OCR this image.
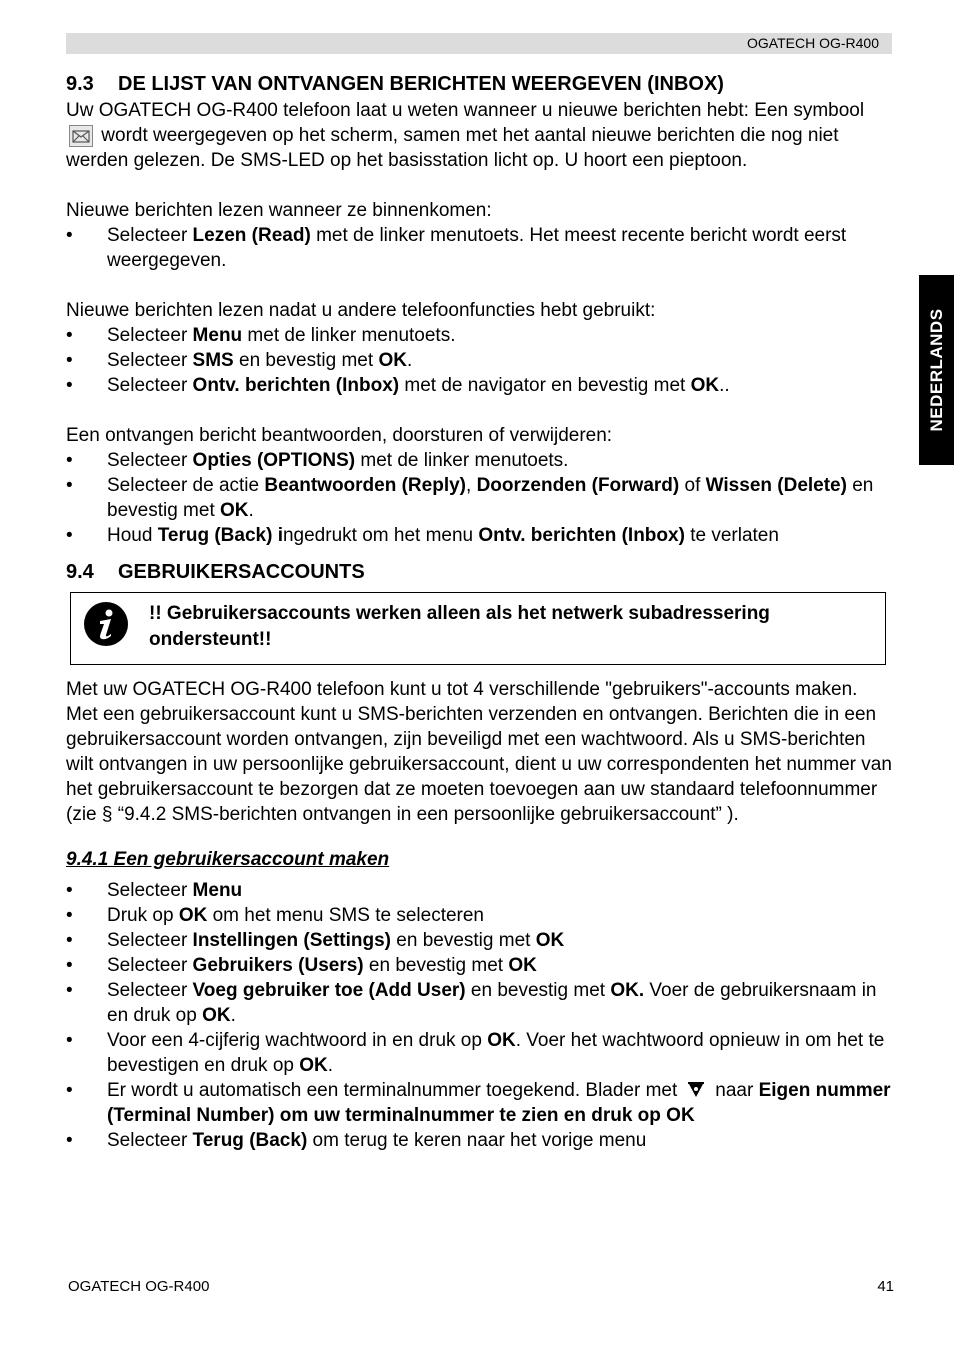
OGATECH OG-R400
NEDERLANDS
9.3 DE LIJST VAN ONTVANGEN BERICHTEN WEERGEVEN (INBOX)

Uw OGATECH OG-R400 telefoon laat u weten wanneer u nieuwe berichten hebt: Een symbool  wordt weergegeven op het scherm, samen met het aantal nieuwe berichten die nog niet werden gelezen. De SMS-LED op het basisstation licht op. U hoort een pieptoon.

Nieuwe berichten lezen wanneer ze binnenkomen:

• Selecteer Lezen (Read) met de linker menutoets. Het meest recente bericht wordt eerst weergegeven.

Nieuwe berichten lezen nadat u andere telefoonfuncties hebt gebruikt:

• Selecteer Menu met de linker menutoets.
• Selecteer SMS en bevestig met OK.
• Selecteer Ontv. berichten (Inbox) met de navigator en bevestig met OK..

Een ontvangen bericht beantwoorden, doorsturen of verwijderen:

• Selecteer Opties (OPTIONS) met de linker menutoets.
• Selecteer de actie Beantwoorden (Reply), Doorzenden (Forward) of Wissen (Delete) en bevestig met OK.
• Houd Terug (Back) ingedrukt om het menu Ontv. berichten (Inbox) te verlaten
9.4 GEBRUIKERSACCOUNTS
!! Gebruikersaccounts werken alleen als het netwerk subadressering ondersteunt!!

Met uw OGATECH OG-R400 telefoon kunt u tot 4 verschillende "gebruikers"-accounts maken. Met een gebruikersaccount kunt u SMS-berichten verzenden en ontvangen. Berichten die in een gebruikersaccount worden ontvangen, zijn beveiligd met een wachtwoord. Als u SMS-berichten wilt ontvangen in uw persoonlijke gebruikersaccount, dient u uw correspondenten het nummer van het gebruikersaccount te bezorgen dat ze moeten toevoegen aan uw standaard telefoonnummer (zie § “9.4.2 SMS-berichten ontvangen in een persoonlijke gebruikersaccount” ).

9.4.1 Een gebruikersaccount maken
• Selecteer Menu
• Druk op OK om het menu SMS te selecteren
• Selecteer Instellingen (Settings) en bevestig met OK
• Selecteer Gebruikers (Users) en bevestig met OK
• Selecteer Voeg gebruiker toe (Add User) en bevestig met OK. Voer de gebruikersnaam in en druk op OK.
• Voor een 4-cijferig wachtwoord in en druk op OK. Voer het wachtwoord opnieuw in om het te bevestigen en druk op OK.
• Er wordt u automatisch een terminalnummer toegekend. Blader met naar Eigen nummer (Terminal Number) om uw terminalnummer te zien en druk op OK
• Selecteer Terug (Back) om terug te keren naar het vorige menu
OGATECH OG-R400	41
